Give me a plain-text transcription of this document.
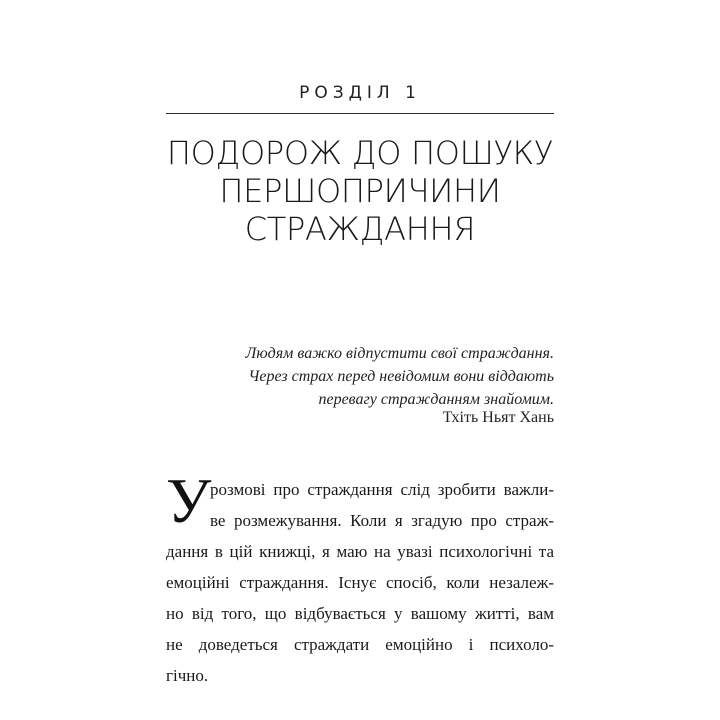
РОЗДІЛ 1
ПОДОРОЖ ДО ПОШУКУ
ПЕРШОПРИЧИНИ
СТРАЖДАННЯ
Людям важко відпустити свої страждання.
Через страх перед невідомим вони віддають
перевагу стражданням знайомим.
Тхіть Ньят Хань
У
розмові про страждання слід зробити важли-
ве розмежування. Коли я згадую про страж-
дання в цій книжці, я маю на увазі психологічні та
емоційні страждання. Існує спосіб, коли незалеж-
но від того, що відбувається у вашому житті, вам
не доведеться страждати емоційно і психоло-
гічно.
